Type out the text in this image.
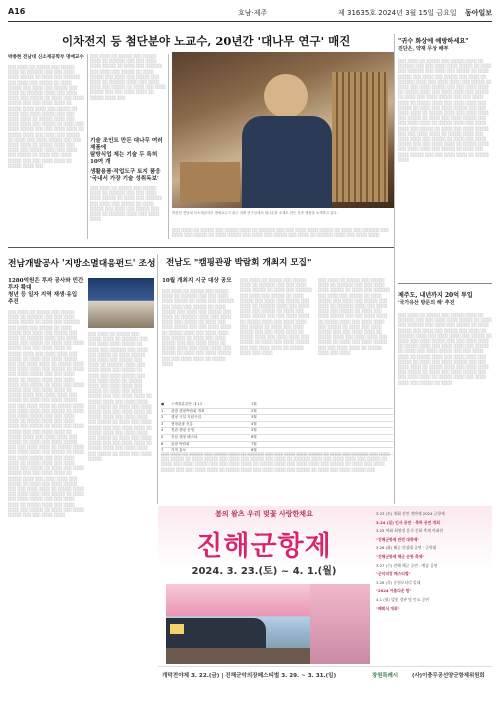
A16	호남·제주	제 31635호 2024년 3월 15일 금요일 동아일보
이차전지 등 첨단분야 노교수, 20년간 '대나무 연구' 매진
박종현 전남대 신소재공학부 명예교수

░░░ ░░░░ ░░ ░░░░░ ░░░ ░░░░░ ░░░░ ░░ ░░░░░░ ░░░ ░░░ ░░░░ ░░░░ ░░░░░ ░░ ░░░░ ░░░ ░░░░░░ ░░░ ░░░░ ░░░ ░░░░░ ░░ ░░░░ ░░░░░ ░░░ ░░░░ ░░░ ░░░░░ ░░░ ░░░░ ░░ ░░░░░░ ░░░░ ░░░ ░░░░ ░░░░ ░░░ ░░░░░ ░░ ░░░░ ░░░ ░░░░ ░░░░░ ░░░ ░░░ ░░░░ ░░░░ ░░ ░░░░░ ░░░░ ░░░░ ░░░ ░░░░░ ░░ ░░░░ ░░░ ░░░░ ░░░░░ ░░░ ░░░ ░░░░ ░░░░ ░░ ░░░░░ ░░░░ ░░░ ░░░░ ░░░░ ░░░ ░░░░░ ░░ ░░░░ ░░░ ░░░░ ░░░░░ ░░░ ░░░ ░░░░ ░░░░ ░░ ░░░░░ ░░░░ ░░░ ░░░░ ░░░ ░░░░░ ░░ ░░░░ ░░░ ░░░░ ░░░░░ ░░░ ░░░ ░░░░ ░░░░ ░░ ░░░░░ ░░░░ ░░░ ░░░░ ░░░ ░░░░░ ░░░░ ░░░ ░░░░ ░░░ ░░░░░ ░░ ░░░░ ░░░ ░░░░ ░░░░░ ░░░ ░░░ ░░░░ ░░░░ ░░ ░░░░░ ░░░░ ░░░

░░░ ░░░░ ░░ ░░░░░ ░░░ ░░░░░ ░░░░ ░░ ░░░░░░ ░░░ ░░░ ░░░░ ░░░░ ░░░░░ ░░ ░░░░ ░░░ ░░░░░░ ░░░ ░░░░ ░░░ ░░░░░ ░░ ░░░░ ░░░░░ ░░░ ░░░░ ░░░ ░░░░░ ░░░ ░░░░ ░░ ░░░░░░ ░░░░ ░░░ ░░░░ ░░░░ ░░░ ░░░░░ ░░ ░░░░ ░░░ ░░░░ ░░░░░ ░░░ ░░░ ░░░░ ░░░░ ░░ ░░░░░ ░░░░ ░░░

기술 조인트 만든 대나무 여러 제품에
탐방식업 제는 기술 두 특허 10여 개
생활용품·작업도구 토지 품응
'국내서 가장 기술 성취독보'

░░░ ░░░░ ░░ ░░░░░ ░░░ ░░░░░ ░░░░ ░░ ░░░░░░ ░░░ ░░░ ░░░░ ░░░░ ░░░░░ ░░ ░░░░ ░░░ ░░░░░░ ░░░ ░░░░ ░░░ ░░░░░ ░░ ░░░░ ░░░░░ ░░░ ░░░░ ░░░ ░░░░░ ░░░ ░░░░ ░░ ░░░░░░ ░░░░ ░░░ ░░░░ ░░░░

박종현 전남대 신소재공학부 명예교수가 광주 자택 연구실에서 대나무를 소재로 만든 각종 제품을 소개하고 있다.

░░░ ░░░░ ░░ ░░░░░ ░░░ ░░░░░ ░░░░ ░░ ░░░░░░ ░░░ ░░░ ░░░░ ░░░░ ░░░░░ ░░ ░░░░ ░░░ ░░░░░░ ░░░ ░░░░ ░░░ ░░░░░ ░░ ░░░░ ░░░░░ ░░░ ░░░░ ░░░ ░░░░░ ░░░ ░░░░ ░░ ░░░░░░ ░░░░ ░░░ ░░░░ ░░░░

"귀수 화상에 예방하세요"
진단은, 약재 무상 배부

░░░ ░░░░ ░░ ░░░░░ ░░░ ░░░░░ ░░░░ ░░ ░░░░░░ ░░░ ░░░ ░░░░ ░░░░ ░░░░░ ░░ ░░░░ ░░░ ░░░░░░ ░░░ ░░░░ ░░░ ░░░░░ ░░ ░░░░ ░░░░░ ░░░ ░░░░ ░░░ ░░░░░ ░░░ ░░░░ ░░ ░░░░░░ ░░░░ ░░░ ░░░░ ░░░░ ░░░ ░░░░░ ░░ ░░░░ ░░░ ░░░░ ░░░░░ ░░░ ░░░ ░░░░ ░░░░ ░░ ░░░░░ ░░░░ ░░░ ░░░░ ░░░░ ░░░ ░░░░░ ░░ ░░░░ ░░░ ░░░░ ░░░░░ ░░░ ░░░ ░░░░ ░░░░ ░░ ░░░░░ ░░░░ ░░░ ░░░░ ░░░░ ░░░ ░░░░░ ░░ ░░░░ ░░░ ░░░░ ░░░░░ ░░░ ░░░ ░░░░ ░░░░ ░░ ░░░░░ ░░░░ ░░░ ░░░░ ░░░░ ░░░ ░░░░░ ░░ ░░░░ ░░░ ░░░░ ░░░░░ ░░░ ░░░ ░░░░ ░░░░ ░░ ░░░░░ ░░░░ ░░░ ░░░░ ░░░░ ░░░ ░░░░░ ░░ ░░░░ ░░░ ░░░░ ░░░░░ ░░░ ░░░ ░░░░ ░░░░ ░░ ░░░░░ ░░░░ ░░░ ░░░░ ░░░░ ░░░ ░░░░░ ░░ ░░░░ ░░░ ░░░░ ░░░░░ ░░░ ░░░ ░░░░ ░░░░ ░░ ░░░░░ ░░░░ ░░░ ░░░░ ░░░░ ░░░ ░░░░░ ░░ ░░░░ ░░░ ░░░░ ░░░░░ ░░░ ░░░ ░░░░ ░░░░ ░░ ░░░░░ ░░░░

제주도, 내년까지 20억 투입
'국가유산 방문의 해' 추진

░░░ ░░░░ ░░ ░░░░░ ░░░ ░░░░░ ░░░░ ░░ ░░░░░░ ░░░ ░░░ ░░░░ ░░░░ ░░░░░ ░░ ░░░░ ░░░ ░░░░░░ ░░░ ░░░░ ░░░ ░░░░░ ░░ ░░░░ ░░░░░ ░░░ ░░░░ ░░░ ░░░░░ ░░░ ░░░░ ░░ ░░░░░░ ░░░░ ░░░ ░░░░ ░░░░ ░░░ ░░░░░ ░░ ░░░░ ░░░ ░░░░ ░░░░░ ░░░ ░░░ ░░░░ ░░░░ ░░ ░░░░░ ░░░░ ░░░ ░░░░ ░░░░ ░░░ ░░░░░ ░░ ░░░░ ░░░ ░░░░ ░░░░░ ░░░ ░░░ ░░░░ ░░░░ ░░ ░░░░░ ░░░░ ░░░ ░░░░ ░░░░ ░░░ ░░░░░ ░░ ░░░░ ░░░ ░░░░ ░░░░░ ░░░ ░░░ ░░░░ ░░░░ ░░ ░░░░░ ░░░░ ░░░ ░░░░ ░░░░ ░░░ ░░░░░ ░░ ░░░░ ░░░ ░░░░ ░░░░░ ░░░ ░░░ ░░░░ ░░░░ ░░ ░░░░░ ░░░░ ░░░ ░░░░ ░░░░ ░░░ ░░░░░ ░░ ░░░░

전남개발공사 '지방소멸대응펀드' 조성
1280억원은 투자 공사와 민간투자 확대
청년 등 일자 지역 재생·유입 추진

░░░ ░░░░ ░░ ░░░░░ ░░░ ░░░░░ ░░░░ ░░ ░░░░░░ ░░░ ░░░ ░░░░ ░░░░ ░░░░░ ░░ ░░░░ ░░░ ░░░░░░ ░░░ ░░░░ ░░░ ░░░░░ ░░ ░░░░ ░░░░░ ░░░ ░░░░ ░░░ ░░░░░ ░░░ ░░░░ ░░ ░░░░░░ ░░░░ ░░░ ░░░░ ░░░░ ░░░ ░░░░░ ░░ ░░░░ ░░░ ░░░░ ░░░░░ ░░░ ░░░ ░░░░ ░░░░ ░░ ░░░░░ ░░░░ ░░░ ░░░░ ░░░░ ░░░ ░░░░░ ░░ ░░░░ ░░░ ░░░░ ░░░░░ ░░░ ░░░ ░░░░ ░░░░ ░░ ░░░░░ ░░░░ ░░░ ░░░░ ░░░░ ░░░ ░░░░░ ░░ ░░░░ ░░░ ░░░░ ░░░░░ ░░░ ░░░ ░░░░ ░░░░ ░░ ░░░░░ ░░░░ ░░░ ░░░░ ░░░░ ░░░ ░░░░░ ░░ ░░░░ ░░░ ░░░░ ░░░░░ ░░░ ░░░ ░░░░ ░░░░ ░░ ░░░░░ ░░░░ ░░░ ░░░░ ░░░░ ░░░ ░░░░░ ░░ ░░░░ ░░░ ░░░░ ░░░░░ ░░░ ░░░ ░░░░ ░░░░ ░░ ░░░░░ ░░░░ ░░░ ░░░░ ░░░░ ░░░ ░░░░░ ░░ ░░░░ ░░░ ░░░░ ░░░░░ ░░░ ░░░ ░░░░ ░░░░ ░░ ░░░░░ ░░░░ ░░░ ░░░░ ░░░░ ░░░ ░░░░░ ░░ ░░░░ ░░░ ░░░░ ░░░░░ ░░░ ░░░ ░░░░ ░░░░ ░░ ░░░░░ ░░░░ ░░░ ░░░░ ░░░░ ░░░ ░░░░░ ░░ ░░░░ ░░░ ░░░░ ░░░░░ ░░░ ░░░ ░░░░ ░░░░ ░░ ░░░░░ ░░░░ ░░░ ░░░░ ░░░░ ░░░ ░░░░░ ░░ ░░░░ ░░░ ░░░░ ░░░░░ ░░░ ░░░ ░░░░ ░░░░ ░░ ░░░░░ ░░░░ ░░░ ░░░░ ░░░░ ░░░ ░░░░░ ░░ ░░░░ ░░░ ░░░░ ░░░░░ ░░░ ░░░ ░░░░ ░░░░ ░░ ░░░░░ ░░░░ ░░░ ░░░░ ░░░░ ░░░ ░░░░░ ░░ ░░░░ ░░░ ░░░░ ░░░░░ ░░░ ░░░ ░░░░ ░░░░ ░░ ░░░░░ ░░░░ ░░░ ░░░░ ░░░░ ░░░ ░░░░░ ░░ ░░░░ ░░░ ░░░░ ░░░░░ ░░░ ░░░ ░░░░ ░░░░ ░░ ░░░░░ ░░░░ ░░░ ░░░░ ░░░░ ░░░ ░░░░░ ░░ ░░░░ ░░░ ░░░░ ░░░░░ ░░░ ░░░ ░░░░ ░░░░

░░░ ░░░░ ░░ ░░░░░ ░░░ ░░░░░ ░░░░ ░░ ░░░░░░ ░░░ ░░░ ░░░░ ░░░░ ░░░░░ ░░ ░░░░ ░░░ ░░░░░░ ░░░ ░░░░ ░░░ ░░░░░ ░░ ░░░░ ░░░░░ ░░░ ░░░░ ░░░ ░░░░░ ░░░ ░░░░ ░░ ░░░░░░ ░░░░ ░░░ ░░░░ ░░░░ ░░░ ░░░░░ ░░ ░░░░ ░░░ ░░░░ ░░░░░ ░░░ ░░░ ░░░░ ░░░░ ░░ ░░░░░ ░░░░ ░░░ ░░░░ ░░░░ ░░░ ░░░░░ ░░ ░░░░ ░░░ ░░░░ ░░░░░ ░░░ ░░░ ░░░░ ░░░░ ░░ ░░░░░ ░░░░ ░░░ ░░░░ ░░░░ ░░░ ░░░░░ ░░ ░░░░ ░░░ ░░░░ ░░░░░ ░░░ ░░░ ░░░░ ░░░░ ░░ ░░░░░ ░░░░ ░░░ ░░░░ ░░░░ ░░░ ░░░░░ ░░ ░░░░ ░░░ ░░░░ ░░░░░ ░░░ ░░░ ░░░░ ░░░░ ░░ ░░░░░ ░░░░ ░░░ ░░░░ ░░░░ ░░░ ░░░░░ ░░ ░░░░ ░░░ ░░░░ ░░░░░ ░░░ ░░░ ░░░░ ░░░░ ░░ ░░░░░ ░░░░ ░░░ ░░░░ ░░░░ ░░░ ░░░░░ ░░ ░░░░ ░░░ ░░░░ ░░░░░

전남도 "캠핑관광 박람회 개최지 모집"
10월 개최지 시군 대상 공모

░░░ ░░░░ ░░ ░░░░░ ░░░ ░░░░░ ░░░░ ░░ ░░░░░░ ░░░ ░░░ ░░░░ ░░░░ ░░░░░ ░░ ░░░░ ░░░ ░░░░░░ ░░░ ░░░░ ░░░ ░░░░░ ░░ ░░░░ ░░░░░ ░░░ ░░░░ ░░░ ░░░░░ ░░░ ░░░░ ░░ ░░░░░░ ░░░░ ░░░ ░░░░ ░░░░ ░░░ ░░░░░ ░░ ░░░░ ░░░ ░░░░ ░░░░░ ░░░ ░░░ ░░░░ ░░░░ ░░ ░░░░░ ░░░░ ░░░ ░░░░ ░░░░ ░░░ ░░░░░ ░░ ░░░░ ░░░ ░░░░ ░░░░░ ░░░ ░░░ ░░░░ ░░░░ ░░ ░░░░░ ░░░░ ░░░ ░░░░ ░░░░ ░░░ ░░░░░ ░░ ░░░░ ░░░ ░░░░ ░░░░░ ░░░ ░░░ ░░░░ ░░░░ ░░ ░░░░░ ░░░░

░░░ ░░░░ ░░ ░░░░░ ░░░ ░░░░░ ░░░░ ░░ ░░░░░░ ░░░ ░░░ ░░░░ ░░░░ ░░░░░ ░░ ░░░░ ░░░ ░░░░░░ ░░░ ░░░░ ░░░ ░░░░░ ░░ ░░░░ ░░░░░ ░░░ ░░░░ ░░░ ░░░░░ ░░░ ░░░░ ░░ ░░░░░░ ░░░░ ░░░ ░░░░ ░░░░ ░░░ ░░░░░ ░░ ░░░░ ░░░ ░░░░ ░░░░░ ░░░ ░░░ ░░░░ ░░░░ ░░ ░░░░░ ░░░░ ░░░ ░░░░ ░░░░ ░░░ ░░░░░ ░░ ░░░░ ░░░ ░░░░ ░░░░░ ░░░ ░░░ ░░░░ ░░░░ ░░ ░░░░░ ░░░░ ░░░ ░░░░ ░░░░ ░░░ ░░░░░ ░░ ░░░░ ░░░ ░░░░ ░░░░░ ░░░ ░░░ ░░░░ ░░░░ ░░ ░░░░░ ░░░░ ░░░ ░░░░

░░░ ░░░░ ░░ ░░░░░ ░░░ ░░░░░ ░░░░ ░░ ░░░░░░ ░░░ ░░░ ░░░░ ░░░░ ░░░░░ ░░ ░░░░ ░░░ ░░░░░░ ░░░ ░░░░ ░░░ ░░░░░ ░░ ░░░░ ░░░░░ ░░░ ░░░░ ░░░ ░░░░░ ░░░ ░░░░ ░░ ░░░░░░ ░░░░ ░░░ ░░░░ ░░░░ ░░░ ░░░░░ ░░ ░░░░ ░░░ ░░░░ ░░░░░ ░░░ ░░░ ░░░░ ░░░░ ░░ ░░░░░ ░░░░ ░░░ ░░░░ ░░░░ ░░░ ░░░░░ ░░ ░░░░ ░░░ ░░░░ ░░░░░ ░░░ ░░░ ░░░░ ░░░░ ░░ ░░░░░ ░░░░ ░░░ ░░░░ ░░░░ ░░░ ░░░░░ ░░ ░░░░ ░░░ ░░░░ ░░░░░ ░░░ ░░░ ░░░░ ░░░░ ░░ ░░░░░ ░░░░ ░░░ ░░░░

●	스케줄분류안 대 11	1월
1	관광 캠핑박람회 개최	2월
2	캠핑 시설 지원사업	3월
3	캠핑관광 진흥	4월
4	경관 캠핑 운영	5월
5	전남 캠핑 페스타	6월
6	관광 박람회	7월
7	지역 홍보	8월

░░░ ░░░░ ░░ ░░░░░ ░░░ ░░░░░ ░░░░ ░░ ░░░░░░ ░░░ ░░░ ░░░░ ░░░░ ░░░░░ ░░ ░░░░ ░░░ ░░░░░░ ░░░ ░░░░ ░░░ ░░░░░ ░░ ░░░░ ░░░░░ ░░░ ░░░░ ░░░ ░░░░░ ░░░ ░░░░ ░░ ░░░░░░ ░░░░ ░░░ ░░░░ ░░░░ ░░░ ░░░░░ ░░ ░░░░ ░░░ ░░░░ ░░░░░ ░░░ ░░░ ░░░░ ░░░░ ░░ ░░░░░ ░░░░ ░░░ ░░░░ ░░░░ ░░░ ░░░░░ ░░ ░░░░ ░░░ ░░░░ ░░░░░ ░░░ ░░░ ░░░░ ░░░░ ░░ ░░░░░ ░░░░ ░░░ ░░░░ ░░░░ ░░░ ░░░░░ ░░ ░░░░ ░░░ ░░░░ ░░░░░ ░░░

봄의 왈츠 우리 벚꽃 사랑한채요
진해군항제
2024. 3. 23.(토) ~ 4. 1.(월)
3.23 (토) 개회 선언 전야제 2024 군항제
3.24 (일) 인사 공연 · 축하 공연 개최
3.25 여좌 최원정 음식 문화 축제 여좌천
"진해군항제 완전 대축제"
3.26 (화) 해군 의장대 공연 · 군악대
"진해군항제 해군 순항 축제"
3.27 (수) 진해 해군 공연 · 예술 공연
"군악의장 페스티벌"
3.28 (목) 중원로터리 일대
"2024 아름다운 밤"
4.1 (월) 벚꽃 경관 및 민요 공연
"폐회식 개최"
개막전야제 3. 22.(금) | 진해군악의장페스티벌 3. 29. ~ 3. 31.(일)	창원특례시	(사)이충무공선양군항제위원회
